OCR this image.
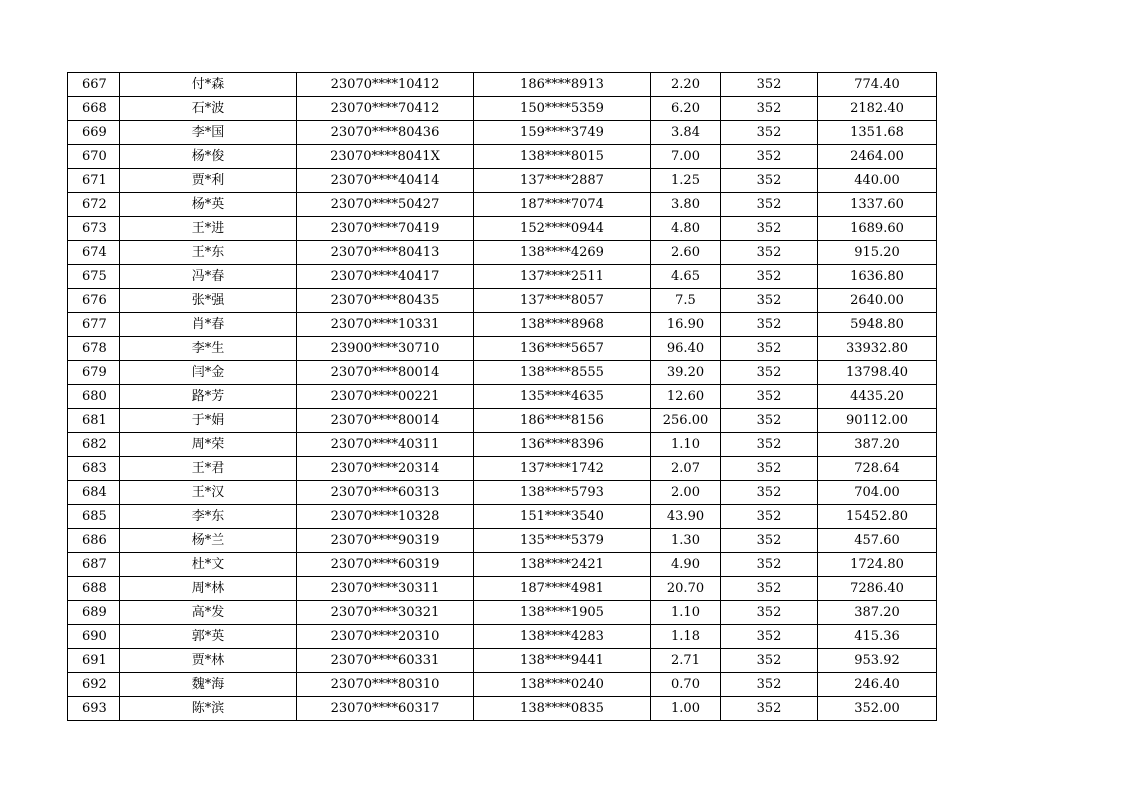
667	付*森	23070****10412	186****8913	2.20	352	774.40
668	石*波	23070****70412	150****5359	6.20	352	2182.40
669	李*国	23070****80436	159****3749	3.84	352	1351.68
670	杨*俊	23070****8041X	138****8015	7.00	352	2464.00
671	贾*利	23070****40414	137****2887	1.25	352	440.00
672	杨*英	23070****50427	187****7074	3.80	352	1337.60
673	王*进	23070****70419	152****0944	4.80	352	1689.60
674	王*东	23070****80413	138****4269	2.60	352	915.20
675	冯*春	23070****40417	137****2511	4.65	352	1636.80
676	张*强	23070****80435	137****8057	7.5	352	2640.00
677	肖*春	23070****10331	138****8968	16.90	352	5948.80
678	李*生	23900****30710	136****5657	96.40	352	33932.80
679	闫*金	23070****80014	138****8555	39.20	352	13798.40
680	路*芳	23070****00221	135****4635	12.60	352	4435.20
681	于*娟	23070****80014	186****8156	256.00	352	90112.00
682	周*荣	23070****40311	136****8396	1.10	352	387.20
683	王*君	23070****20314	137****1742	2.07	352	728.64
684	王*汉	23070****60313	138****5793	2.00	352	704.00
685	李*东	23070****10328	151****3540	43.90	352	15452.80
686	杨*兰	23070****90319	135****5379	1.30	352	457.60
687	杜*文	23070****60319	138****2421	4.90	352	1724.80
688	周*林	23070****30311	187****4981	20.70	352	7286.40
689	高*发	23070****30321	138****1905	1.10	352	387.20
690	郭*英	23070****20310	138****4283	1.18	352	415.36
691	贾*林	23070****60331	138****9441	2.71	352	953.92
692	魏*海	23070****80310	138****0240	0.70	352	246.40
693	陈*滨	23070****60317	138****0835	1.00	352	352.00
